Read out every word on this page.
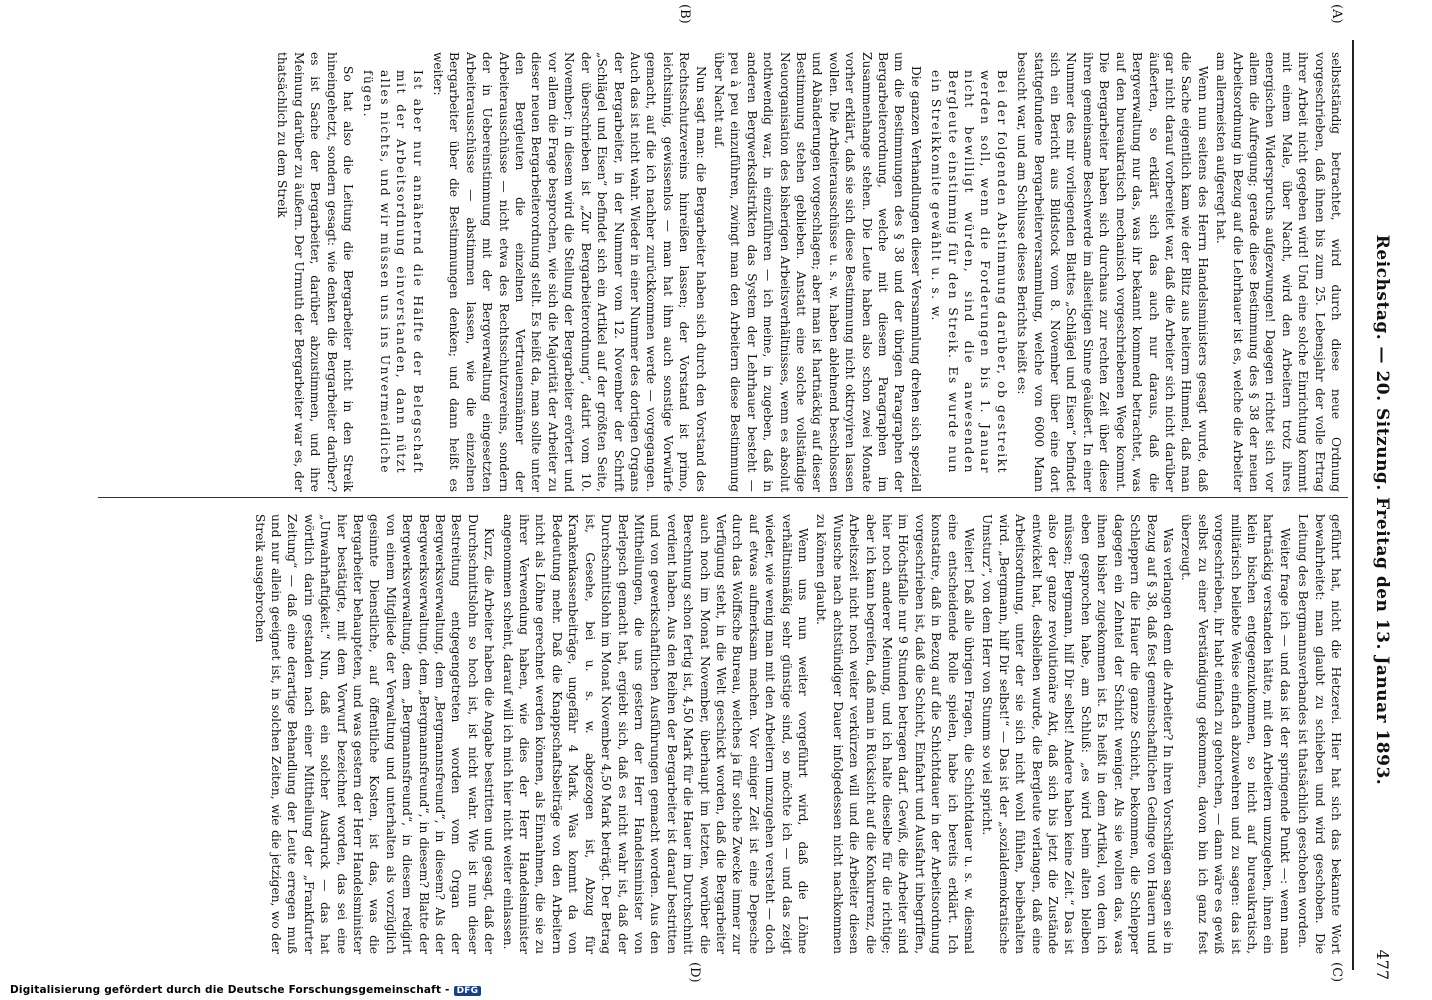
Reichstag. — 20. Sitzung. Freitag den 13. Januar 1893.
477
(A)
(B)
(C)
(D)

selbstständig betrachtet, wird durch diese neue Ordnung vorgeschrieben, daß ihnen bis zum 25. Lebensjahr der volle Ertrag ihrer Arbeit nicht gegeben wird! Und eine solche Einrichtung kommt mit einem Male, über Nacht, wird den Arbeitern trotz ihres energischen Widerspruchs aufgezwungen! Dagegen richtet sich vor allem die Aufregung; gerade diese Bestimmung des § 38 der neuen Arbeitsordnung in Bezug auf die Lehrhauer ist es, welche die Arbeiter am allermeisten aufgeregt hat.

Wenn nun seitens des Herrn Handelsministers gesagt wurde, daß die Sache eigentlich kam wie der Blitz aus heiterm Himmel, daß man gar nicht darauf vorbereitet war, daß die Arbeiter sich nicht darüber äußerten, so erklärt sich das auch nur daraus, daß die Bergverwaltung nur das, was ihr bekannt kommend betrachtet, was auf den bureaukratisch mechanisch vorgeschriebenen Wege kommt. Die Bergarbeiter haben sich durchaus zur rechten Zeit über diese ihren gemeinsame Beschwerde im allseitigen Sinne geäußert. In einer Nummer des mir vorliegenden Blattes „Schlägel und Eisen“ befindet sich ein Bericht aus Bildstock vom 8. November über eine dort stattgefundene Bergarbeiterversammlung, welche von 6000 Mann besucht war, und am Schlusse dieses Berichts heißt es:

Bei der folgenden Abstimmung darüber, ob gestreikt werden soll, wenn die Forderungen bis 1. Januar nicht bewilligt würden, sind die anwesenden Bergleute einstimmig für den Streik. Es wurde nun ein Streikkomite gewählt u. s. w.

Die ganzen Verhandlungen dieser Versammlung drehen sich speziell um die Bestimmungen des § 38 und der übrigen Paragraphen der Bergarbeiterordnung, welche mit diesem Paragraphen im Zusammenhange stehen. Die Leute haben also schon zwei Monate vorher erklärt, daß sie sich diese Bestimmung nicht oktroyiren lassen wollen. Die Arbeiterausschüsse u. s. w. haben ablehnend beschlossen und Abänderungen vorgeschlagen; aber man ist hartnäckig auf dieser Bestimmung stehen geblieben. Anstatt eine solche vollständige Neuorganisation des bisherigen Arbeitsverhältnisses, wenn es absolut nothwendig war, in einzuführen — ich meine, in zugeben, daß in anderen Bergwerksdistrikten das System der Lehrhauer besteht — peu à peu einzuführen, zwingt man den Arbeitern diese Bestimmung über Nacht auf.

Nun sagt man: die Bergarbeiter haben sich durch den Vorstand des Rechtsschutzvereins hinreißen lassen; der Vorstand ist primo, leichtsinnig, gewissenlos — man hat ihm auch sonstige Vorwürfe gemacht, auf die ich nachher zurückkommen werde — vorgegangen. Auch das ist nicht wahr. Wieder in einer Nummer des dortigen Organs der Bergarbeiter, in der Nummer vom 12. November der Schrift „Schlägel und Eisen“ befindet sich ein Artikel auf der größten Seite, der überschrieben ist „Zur Bergarbeiterordnung“, datirt vom 10. November; in diesem wird die Stellung der Bergarbeiter erörtert und vor allem die Frage besprochen, wie sich die Majorität der Arbeiter zu dieser neuen Bergarbeiterordnung stellt. Es heißt da, man sollte unter den Bergleuten die einzelnen Vertrauensmänner der Arbeiterausschüsse — nicht etwa des Rechtsschutzvereins, sondern der in Uebereinstimmung mit der Bergverwaltung eingesetzten Arbeiterausschüsse — abstimmen lassen, wie die einzelnen Bergarbeiter über die Bestimmungen denken; und dann heißt es weiter:

Ist aber nur annähernd die Hälfte der Belegschaft mit der Arbeitsordnung einverstanden, dann nützt alles nichts, und wir müssen uns ins Unvermeidliche fügen.

So hat also die Leitung die Bergarbeiter nicht in den Streik hineingehetzt, sondern gesagt: wie denken die Bergarbeiter darüber? es ist Sache der Bergarbeiter, darüber abzustimmen, und ihre Meinung darüber zu äußern. Der Urmuth der Bergarbeiter war es, der thatsächlich zu dem Streik

geführt hat, nicht die Hetzerei. Hier hat sich das bekannte Wort bewahrheitet: man glaubt zu schieben und wird geschoben. Die Leitung des Bergmannsverbandes ist thatsächlich geschoben worden.

Weiter frage ich — und das ist der springende Punkt —: wenn man hartnäckig verstanden hätte, mit den Arbeitern umzugehen, ihnen ein klein bischen entgegenzukommen, so nicht auf bureaukratisch, militärisch beliebte Weise einfach abzuwehren und zu sagen: das ist vorgeschrieben, ihr habt einfach zu gehorchen, — dann wäre es gewiß selbst zu einer Verständigung gekommen, davon bin ich ganz fest überzeugt.

Was verlangen denn die Arbeiter? In ihren Vorschlägen sagen sie in Bezug auf § 38, daß fest gemeinschaftlichen Gedinge von Hauern und Schleppern die Hauer die ganze Schicht, bekommen, die Schlepper dagegen ein Zehntel der Schicht weniger. Als sie wollen das, was ihnen bisher zugekommen ist. Es heißt in dem Artikel, von dem ich eben gesprochen habe, am Schluß: „es wird beim alten bleiben müssen; Bergmann, hilf Dir selbst! Andere haben keine Zeit.“ Das ist also der ganze revolutionäre Akt, daß sich bis jetzt die Zustände entwickelt hat, desbleiben wurde, die Bergleute verlangen, daß eine Arbeitsordnung, unter der sie sich nicht wohl fühlen, beibehalten wird. „Bergmann, hilf Dir selbst!“ — Das ist der „sozialdemokratische Umsturz“, von dem Herr von Stumm so viel spricht.

Weiter! Daß alle übrigen Fragen, die Schichtdauer u. s. w. diesmal eine entscheidende Rolle spielen, habe ich bereits erklärt. Ich konstatire, daß in Bezug auf die Schichtdauer in der Arbeitsordnung vorgeschrieben ist, daß die Schicht, Einfahrt und Ausfahrt inbegriffen, im Höchstfalle nur 9 Stunden betragen darf. Gewiß, die Arbeiter sind hier noch anderer Meinung, und ich halte dieselbe für die richtige; aber ich kann begreifen, daß man in Rücksicht auf die Konkurrenz, die Arbeitszeit nicht noch weiter verkürzen will und die Arbeiter diesen Wunsche nach achtstündiger Dauer infolgedessen nicht nachkommen zu können glaubt.

Wenn uns nun weiter vorgeführt wird, daß die Löhne verhältnismäßig sehr günstige sind, so möchte ich — und das zeigt wieder, wie wenig man mit den Arbeitern umzugehen versteht — doch auf etwas aufmerksam machen. Vor einiger Zeit ist eine Depesche durch das Wolffsche Bureau, welches ja für solche Zwecke immer zur Verfügung steht, in die Welt geschickt worden, daß die Bergarbeiter auch noch im Monat November, überhaupt im letzten, worüber die Berechnung schon fertig ist, 4,50 Mark für die Hauer im Durchschnitt verdient haben. Aus den Reihen der Bergarbeiter ist darauf bestritten und von gewerkschaftlichen Ausführungen gemacht worden. Aus den Mittheilungen, die uns gestern der Herr Handelsminister von Berlepsch gemacht hat, ergiebt sich, daß es nicht wahr ist, daß der Durchschnittslohn im Monat November 4,50 Mark beträgt. Der Betrag ist, Gesehe, bei u. s. w. abgezogen ist, Abzug für Krankenkassenbeiträge, ungefähr 4 Mark. Was kommt da von Bedeutung mehr. Daß die Knappschaftsbeiträge von den Arbeitern nicht als Löhne gerechnet werden können, als Einnahmen, die sie zu ihrer Verwendung haben, wie dies der Herr Handelsminister angenommen scheint, darauf will ich mich hier nicht weiter einlassen.

Kurz, die Arbeiter haben die Angabe bestritten und gesagt, daß der Durchschnittslohn so hoch ist, ist nicht wahr. Wie ist nun dieser Bestreitung entgegengetreten worden vom Organ der Bergwerksverwaltung, dem „Bergmannsfreund“, in diesem? Als der Bergwerksverwaltung, dem „Bergmannsfreund“, in diesem? Blatte der Bergwerksverwaltung, dem „Bergmannsfreund“, in diesem redigirt von einem Mitgliede der Verwaltung und unterhalten als vorzüglich gesinnte Dienstliche, auf öffentliche Kosten, ist das, was die Bergarbeiter behaupteten, und was gestern der Herr Handelsminister hier bestätigte, mit dem Vorwurf bezeichnet worden, das sei eine „Unwahrhaftigkeit.“ Nun, daß ein solcher Ausdruck — das hat wörtlich darin gestanden nach einer Mittheilung der „Frankfurter Zeitung“ — daß eine derartige Behandlung der Leute erregen muß und nur allein geeignet ist, in solchen Zeiten, wie die jetzigen, wo der Streik ausgebrochen

Digitalisierung gefördert durch die Deutsche Forschungsgemeinschaft - DFG
